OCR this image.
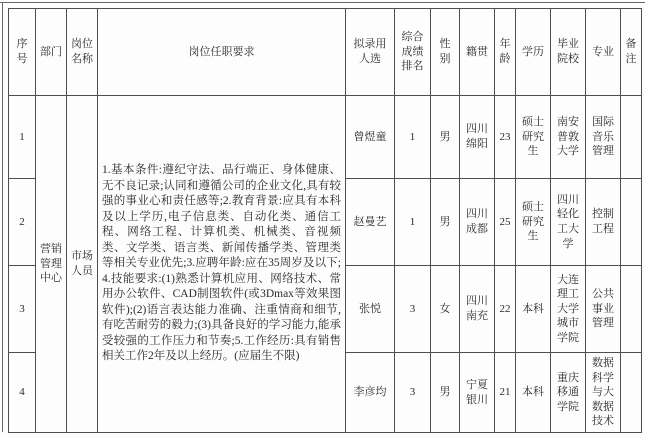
序号	部门	岗位名称	岗位任职要求	拟录用人选	综合成绩排名	性别	籍贯	年龄	学历	毕业院校	专业	备注
1	营销管理中心	市场人员	1.基本条件:遵纪守法、品行端正、身体健康、无不良记录;认同和遵循公司的企业文化,具有较强的事业心和责任感等;2.教育背景:应具有本科及以上学历,电子信息类、自动化类、通信工程、网络工程、计算机类、机械类、音视频类、文学类、语言类、新闻传播学类、管理类等相关专业优先;3.应聘年龄:应在35周岁及以下;4.技能要求:(1)熟悉计算机应用、网络技术、常用办公软件、CAD制图软件(或3Dmax等效果图软件);(2)语言表达能力准确、注重情商和细节,有吃苦耐劳的毅力;(3)具备良好的学习能力,能承受较强的工作压力和节奏;5.工作经历:具有销售相关工作2年及以上经历。(应届生不限)	曾煜童	1	男	四川绵阳	23	硕士研究生	南安普敦大学	国际音乐管理	
2				赵曼艺	1	男	四川成都	25	硕士研究生	四川轻化工大学	控制工程	
3				张悦	3	女	四川南充	22	本科	大连理工大学城市学院	公共事业管理	
4				李彦均	3	男	宁夏银川	21	本科	重庆移通学院	数据科学与大数据技术	
